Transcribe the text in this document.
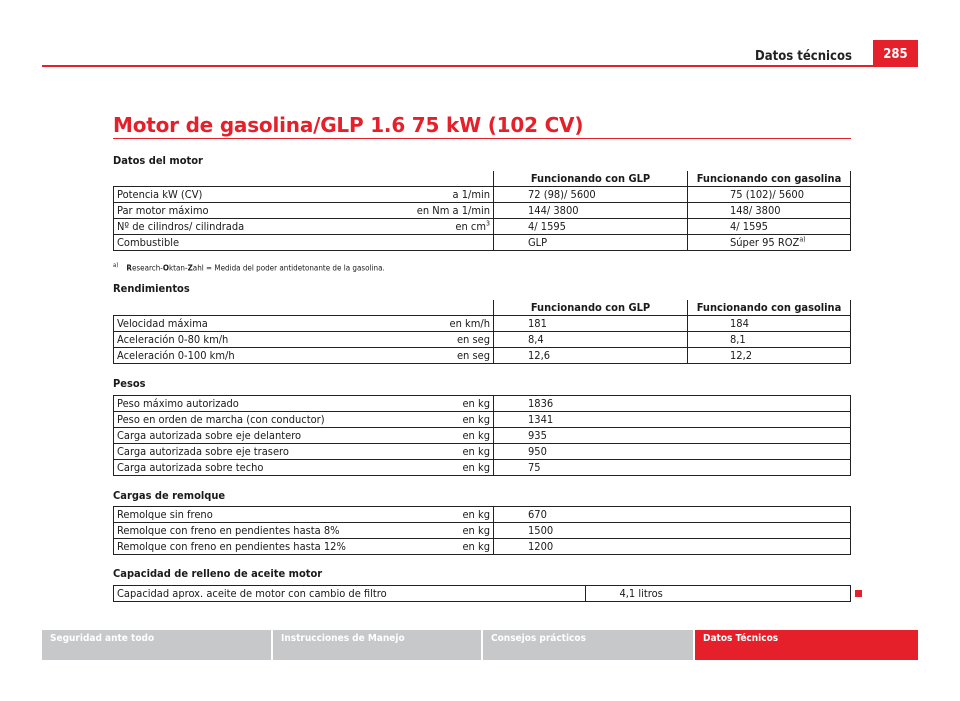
Datos técnicos	285
Motor de gasolina/GLP 1.6 75 kW (102 CV)
Datos del motor
		Funcionando con GLP	Funcionando con gasolina
Potencia kW (CV)	a 1/min	72 (98)/ 5600	75 (102)/ 5600
Par motor máximo	en Nm a 1/min	144/ 3800	148/ 3800
Nº de cilindros/ cilindrada	en $cm^3$	4/ 1595	4/ 1595
Combustible		GLP	Súper 95 ROZ$^{a)}$
$^{a)}$ Research-Oktan-Zahl = Medida del poder antidetonante de la gasolina.
Rendimientos
		Funcionando con GLP	Funcionando con gasolina
Velocidad máxima	en km/h	181	184
Aceleración 0-80 km/h	en seg	8,4	8,1
Aceleración 0-100 km/h	en seg	12,6	12,2
Pesos
Peso máximo autorizado	en kg	1836	
Peso en orden de marcha (con conductor)	en kg	1341	
Carga autorizada sobre eje delantero	en kg	935	
Carga autorizada sobre eje trasero	en kg	950	
Carga autorizada sobre techo	en kg	75	
Cargas de remolque
Remolque sin freno	en kg	670	
Remolque con freno en pendientes hasta 8%	en kg	1500	
Remolque con freno en pendientes hasta 12%	en kg	1200	
Capacidad de relleno de aceite motor
Capacidad aprox. aceite de motor con cambio de filtro	4,1 litros	
Seguridad ante todo	Instrucciones de Manejo	Consejos prácticos	Datos Técnicos
